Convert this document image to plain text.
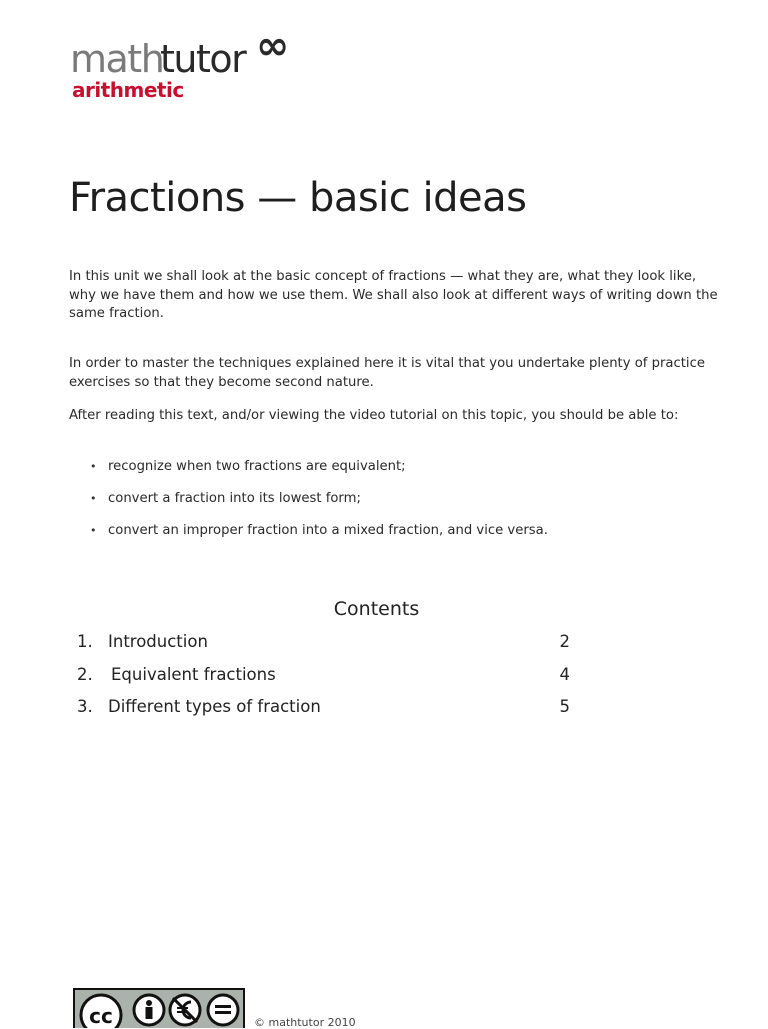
math
tutor ∞
arithmetic
Fractions — basic ideas

In this unit we shall look at the basic concept of fractions — what they are, what they look like, why we have them and how we use them. We shall also look at different ways of writing down the same fraction.

In order to master the techniques explained here it is vital that you undertake plenty of practice exercises so that they become second nature.

After reading this text, and/or viewing the video tutorial on this topic, you should be able to:

• recognize when two fractions are equivalent;
• convert a fraction into its lowest form;
• convert an improper fraction into a mixed fraction, and vice versa.
Contents
1. Introduction	2
2. Equivalent fractions	4
3. Different types of fraction	5
cc	© mathtutor 2010
